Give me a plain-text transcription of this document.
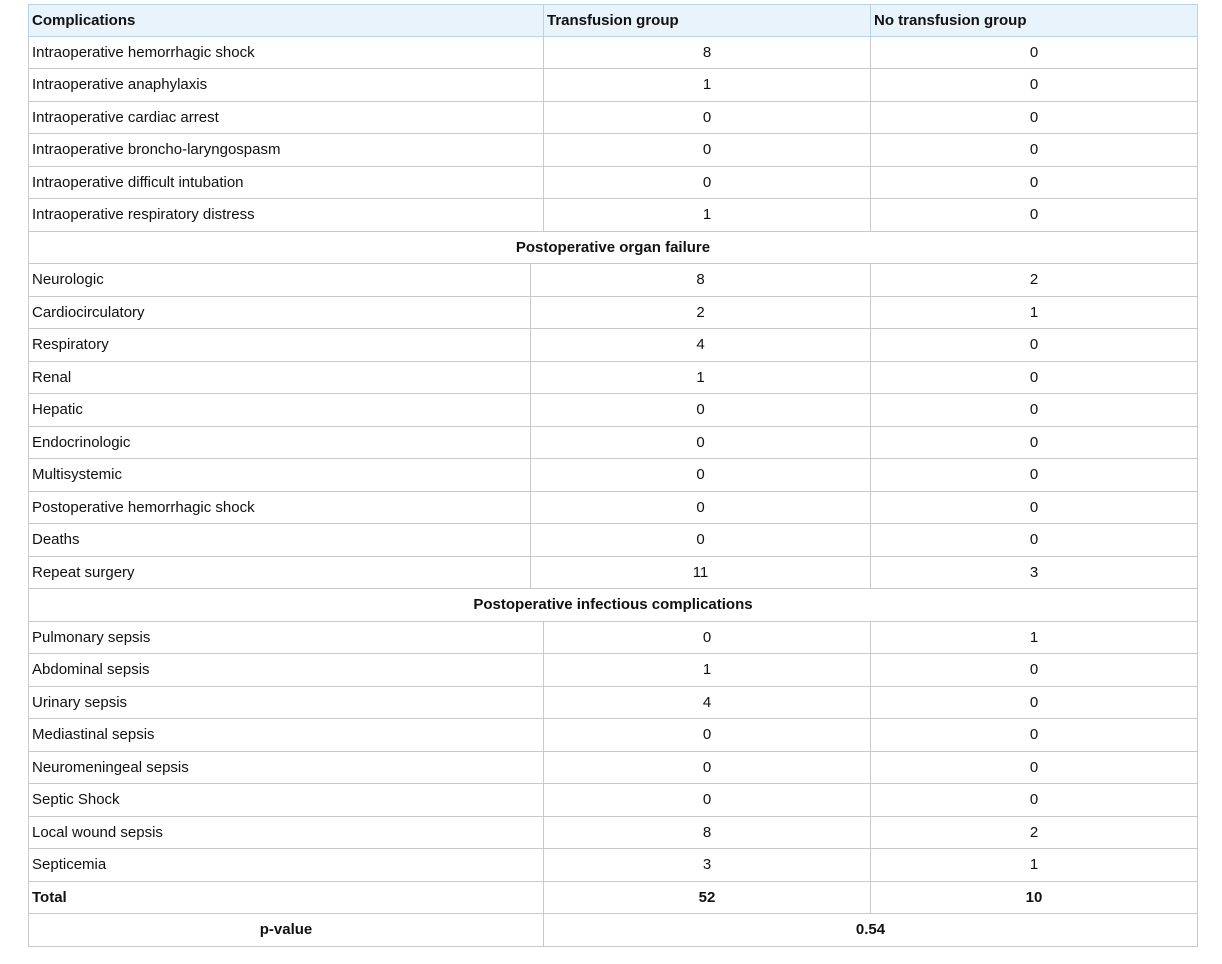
Complications	Transfusion group	No transfusion group
Intraoperative hemorrhagic shock	8	0
Intraoperative anaphylaxis	1	0
Intraoperative cardiac arrest	0	0
Intraoperative broncho-laryngospasm	0	0
Intraoperative difficult intubation	0	0
Intraoperative respiratory distress	1	0
Postoperative organ failure
Neurologic	8	2
Cardiocirculatory	2	1
Respiratory	4	0
Renal	1	0
Hepatic	0	0
Endocrinologic	0	0
Multisystemic	0	0
Postoperative hemorrhagic shock	0	0
Deaths	0	0
Repeat surgery	11	3
Postoperative infectious complications
Pulmonary sepsis	0	1
Abdominal sepsis	1	0
Urinary sepsis	4	0
Mediastinal sepsis	0	0
Neuromeningeal sepsis	0	0
Septic Shock	0	0
Local wound sepsis	8	2
Septicemia	3	1
Total	52	10
p-value	0.54
